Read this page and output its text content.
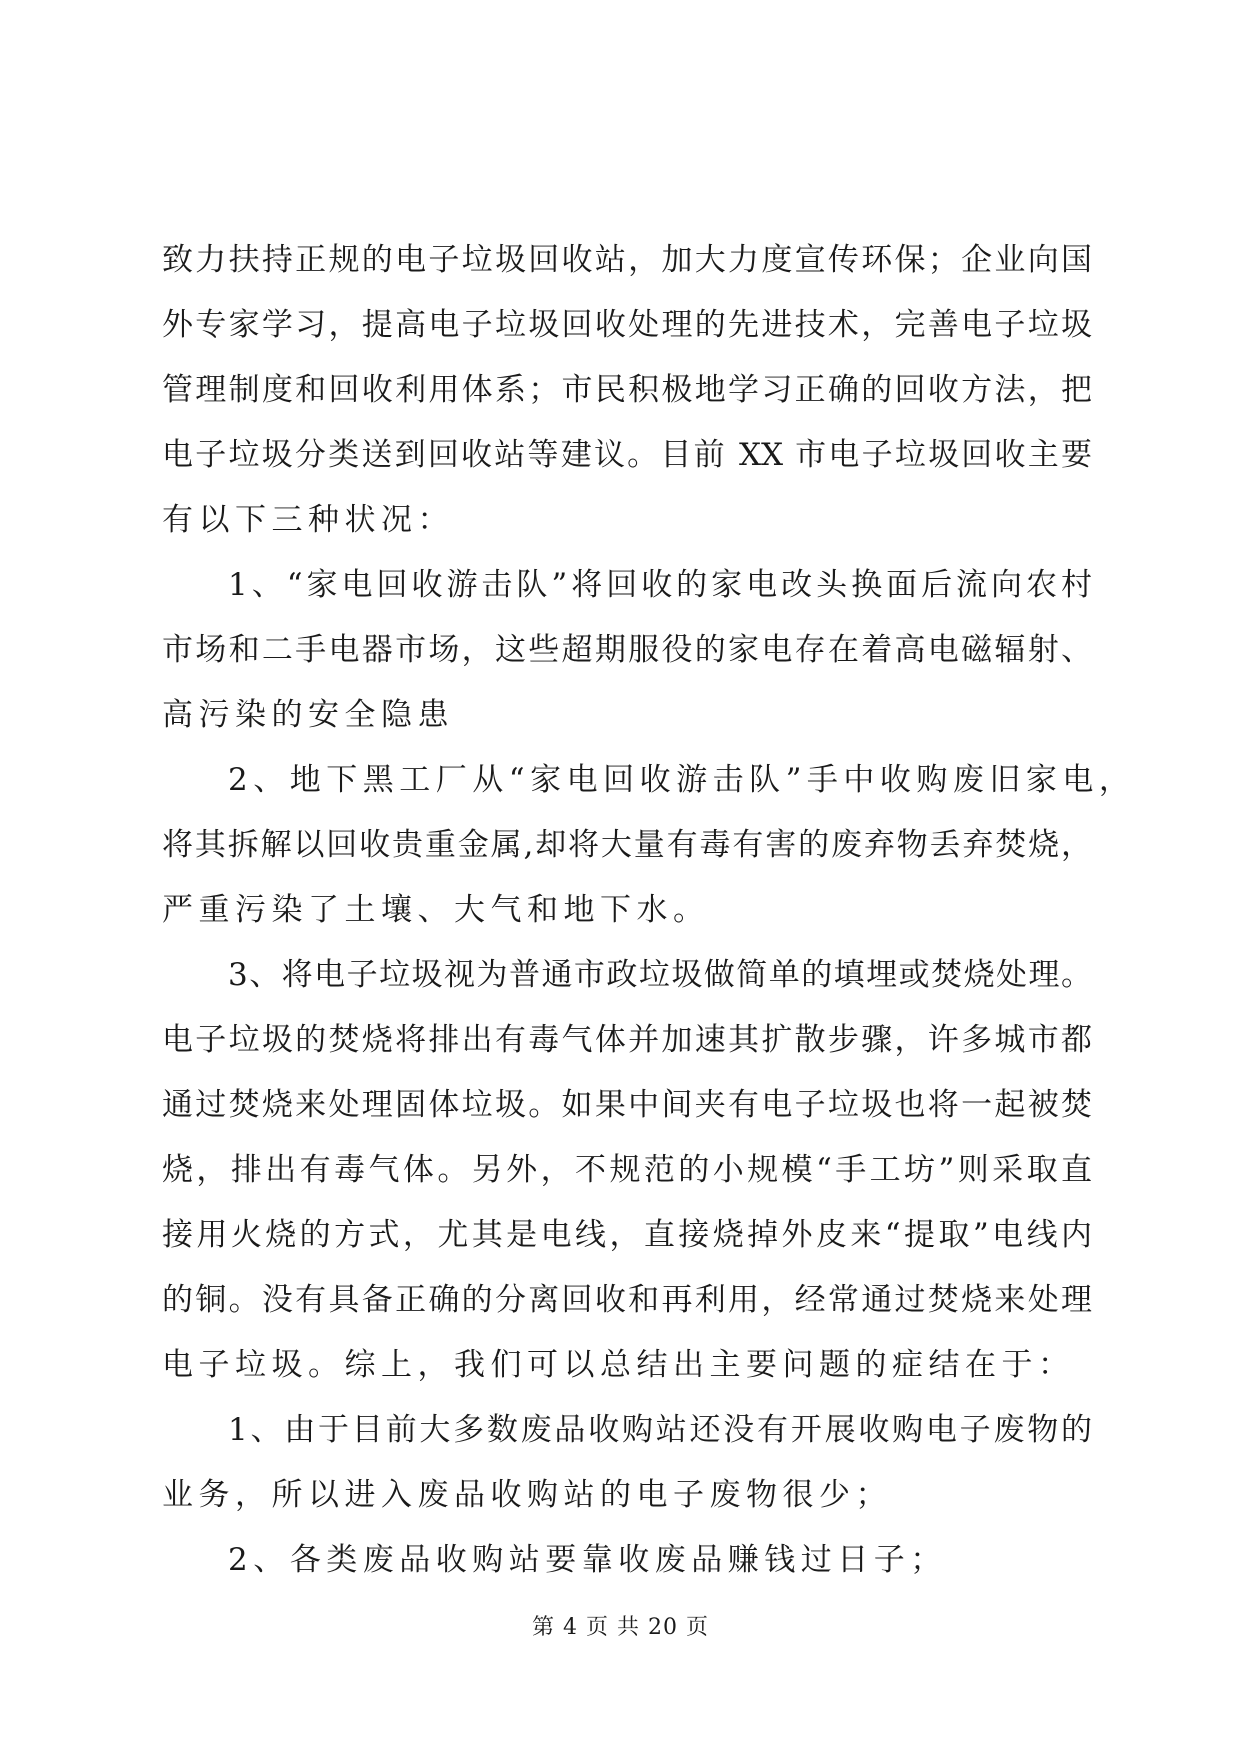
致力扶持正规的电子垃圾回收站，加大力度宣传环保；企业向国

外专家学习，提高电子垃圾回收处理的先进技术，完善电子垃圾

管理制度和回收利用体系；市民积极地学习正确的回收方法，把

电子垃圾分类送到回收站等建议。目前 XX 市电子垃圾回收主要

有以下三种状况：

1、“家电回收游击队”将回收的家电改头换面后流向农村

市场和二手电器市场，这些超期服役的家电存在着高电磁辐射、

高污染的安全隐患

2、地下黑工厂从“家电回收游击队”手中收购废旧家电，

将其拆解以回收贵重金属,却将大量有毒有害的废弃物丢弃焚烧，

严重污染了土壤、大气和地下水。

3、将电子垃圾视为普通市政垃圾做简单的填埋或焚烧处理。

电子垃圾的焚烧将排出有毒气体并加速其扩散步骤，许多城市都

通过焚烧来处理固体垃圾。如果中间夹有电子垃圾也将一起被焚

烧，排出有毒气体。另外，不规范的小规模“手工坊”则采取直

接用火烧的方式，尤其是电线，直接烧掉外皮来“提取”电线内

的铜。没有具备正确的分离回收和再利用，经常通过焚烧来处理

电子垃圾。综上，我们可以总结出主要问题的症结在于：

1、由于目前大多数废品收购站还没有开展收购电子废物的

业务，所以进入废品收购站的电子废物很少；

2、各类废品收购站要靠收废品赚钱过日子；

第 4 页 共 20 页
